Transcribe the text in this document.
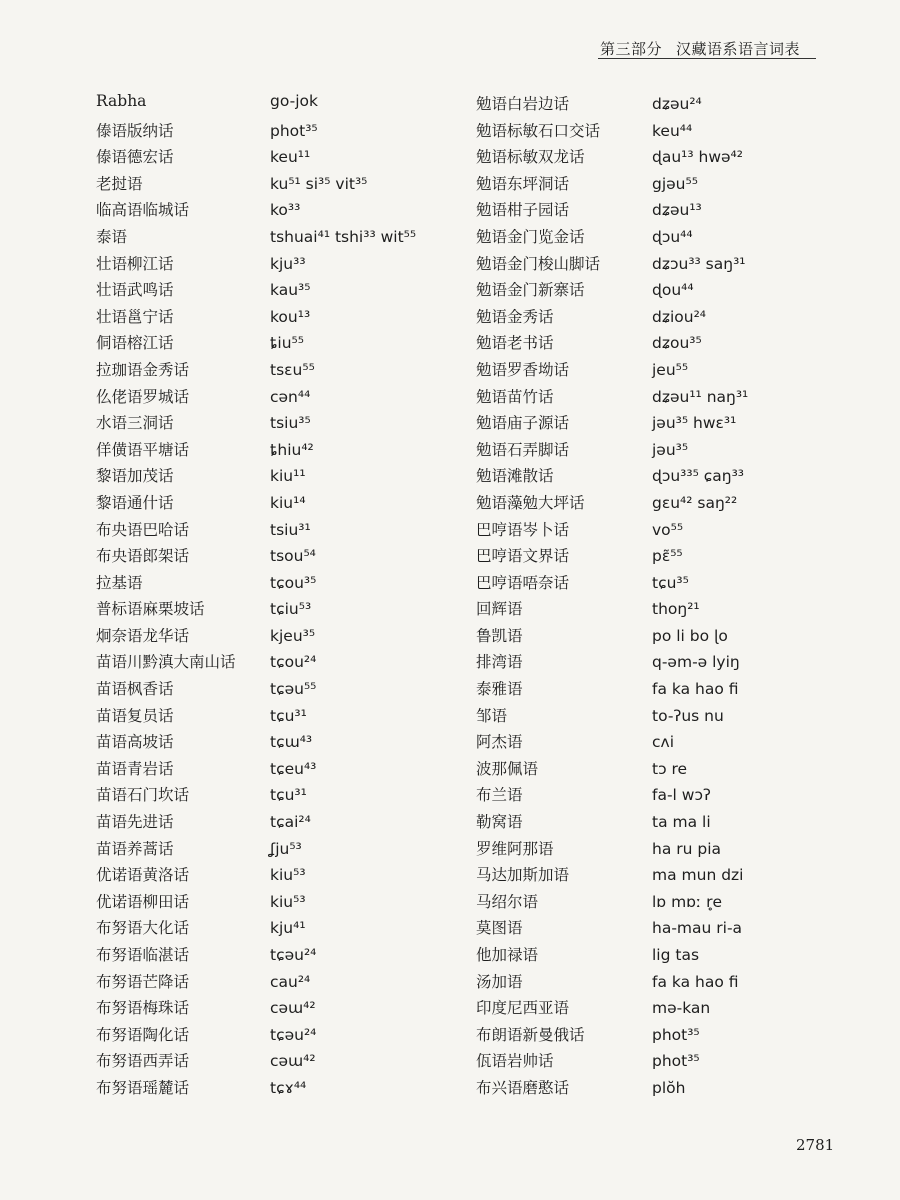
第三部分 汉藏语系语言词表
Rabha	go-jok
傣语版纳话	phot³⁵
傣语德宏话	keu¹¹
老挝语	ku⁵¹ si³⁵ vit³⁵
临高语临城话	ko³³
泰语	tshuai⁴¹ tshi³³ wit⁵⁵
壮语柳江话	kju³³
壮语武鸣话	kau³⁵
壮语邕宁话	kou¹³
侗语榕江话	ȶiu⁵⁵
拉珈语金秀话	tsɛu⁵⁵
仫佬语罗城话	cən⁴⁴
水语三洞话	tsiu³⁵
佯僙语平塘话	ȶhiu⁴²
黎语加茂话	kiu¹¹
黎语通什话	kiu¹⁴
布央语巴哈话	tsiu³¹
布央语郎架话	tsou⁵⁴
拉基语	tɕou³⁵
普标语麻栗坡话	tɕiu⁵³
炯奈语龙华话	kjeu³⁵
苗语川黔滇大南山话	tɕou²⁴
苗语枫香话	tɕəu⁵⁵
苗语复员话	tɕu³¹
苗语高坡话	tɕɯ⁴³
苗语青岩话	tɕeu⁴³
苗语石门坎话	tɕu³¹
苗语先进话	tɕai²⁴
苗语养蒿话	ʆju⁵³
优诺语黄洛话	kiu⁵³
优诺语柳田话	kiu⁵³
布努语大化话	kju⁴¹
布努语临湛话	tɕəu²⁴
布努语芒降话	cau²⁴
布努语梅珠话	cəɯ⁴²
布努语陶化话	tɕəu²⁴
布努语西弄话	cəɯ⁴²
布努语瑶麓话	tɕɤ⁴⁴
勉语白岩边话	dʑəu²⁴
勉语标敏石口交话	keu⁴⁴
勉语标敏双龙话	ɖau¹³ hwə⁴²
勉语东坪洞话	gjəu⁵⁵
勉语柑子园话	dʑəu¹³
勉语金门览金话	ɖɔu⁴⁴
勉语金门梭山脚话	dʑɔu³³ saŋ³¹
勉语金门新寨话	ɖou⁴⁴
勉语金秀话	dʑiou²⁴
勉语老书话	dʑou³⁵
勉语罗香坳话	jeu⁵⁵
勉语苗竹话	dʑəu¹¹ naŋ³¹
勉语庙子源话	jəu³⁵ hwɛ³¹
勉语石弄脚话	jəu³⁵
勉语滩散话	ɖɔu³³⁵ ɕaŋ³³
勉语藻勉大坪话	gɛu⁴² saŋ²²
巴哼语岑卜话	vo⁵⁵
巴哼语文界话	pɛ̃⁵⁵
巴哼语唔奈话	tɕu³⁵
回辉语	thoŋ²¹
鲁凯语	po li bo ɭo
排湾语	q-əm-ə lyiŋ
泰雅语	fa ka hao fi
邹语	to-ʔus nu
阿杰语	cʌi
波那佩语	tɔ re
布兰语	fa-l wɔʔ
勒窝语	ta ma li
罗维阿那语	ha ru pia
马达加斯加语	ma mun dzi
马绍尔语	lɒ mɒː r̥e
莫图语	ha-mau ri-a
他加禄语	lig tas
汤加语	fa ka hao fi
印度尼西亚语	mə-kan
布朗语新曼俄话	phot³⁵
佤语岩帅话	phot³⁵
布兴语磨憨话	plŏh
2781
